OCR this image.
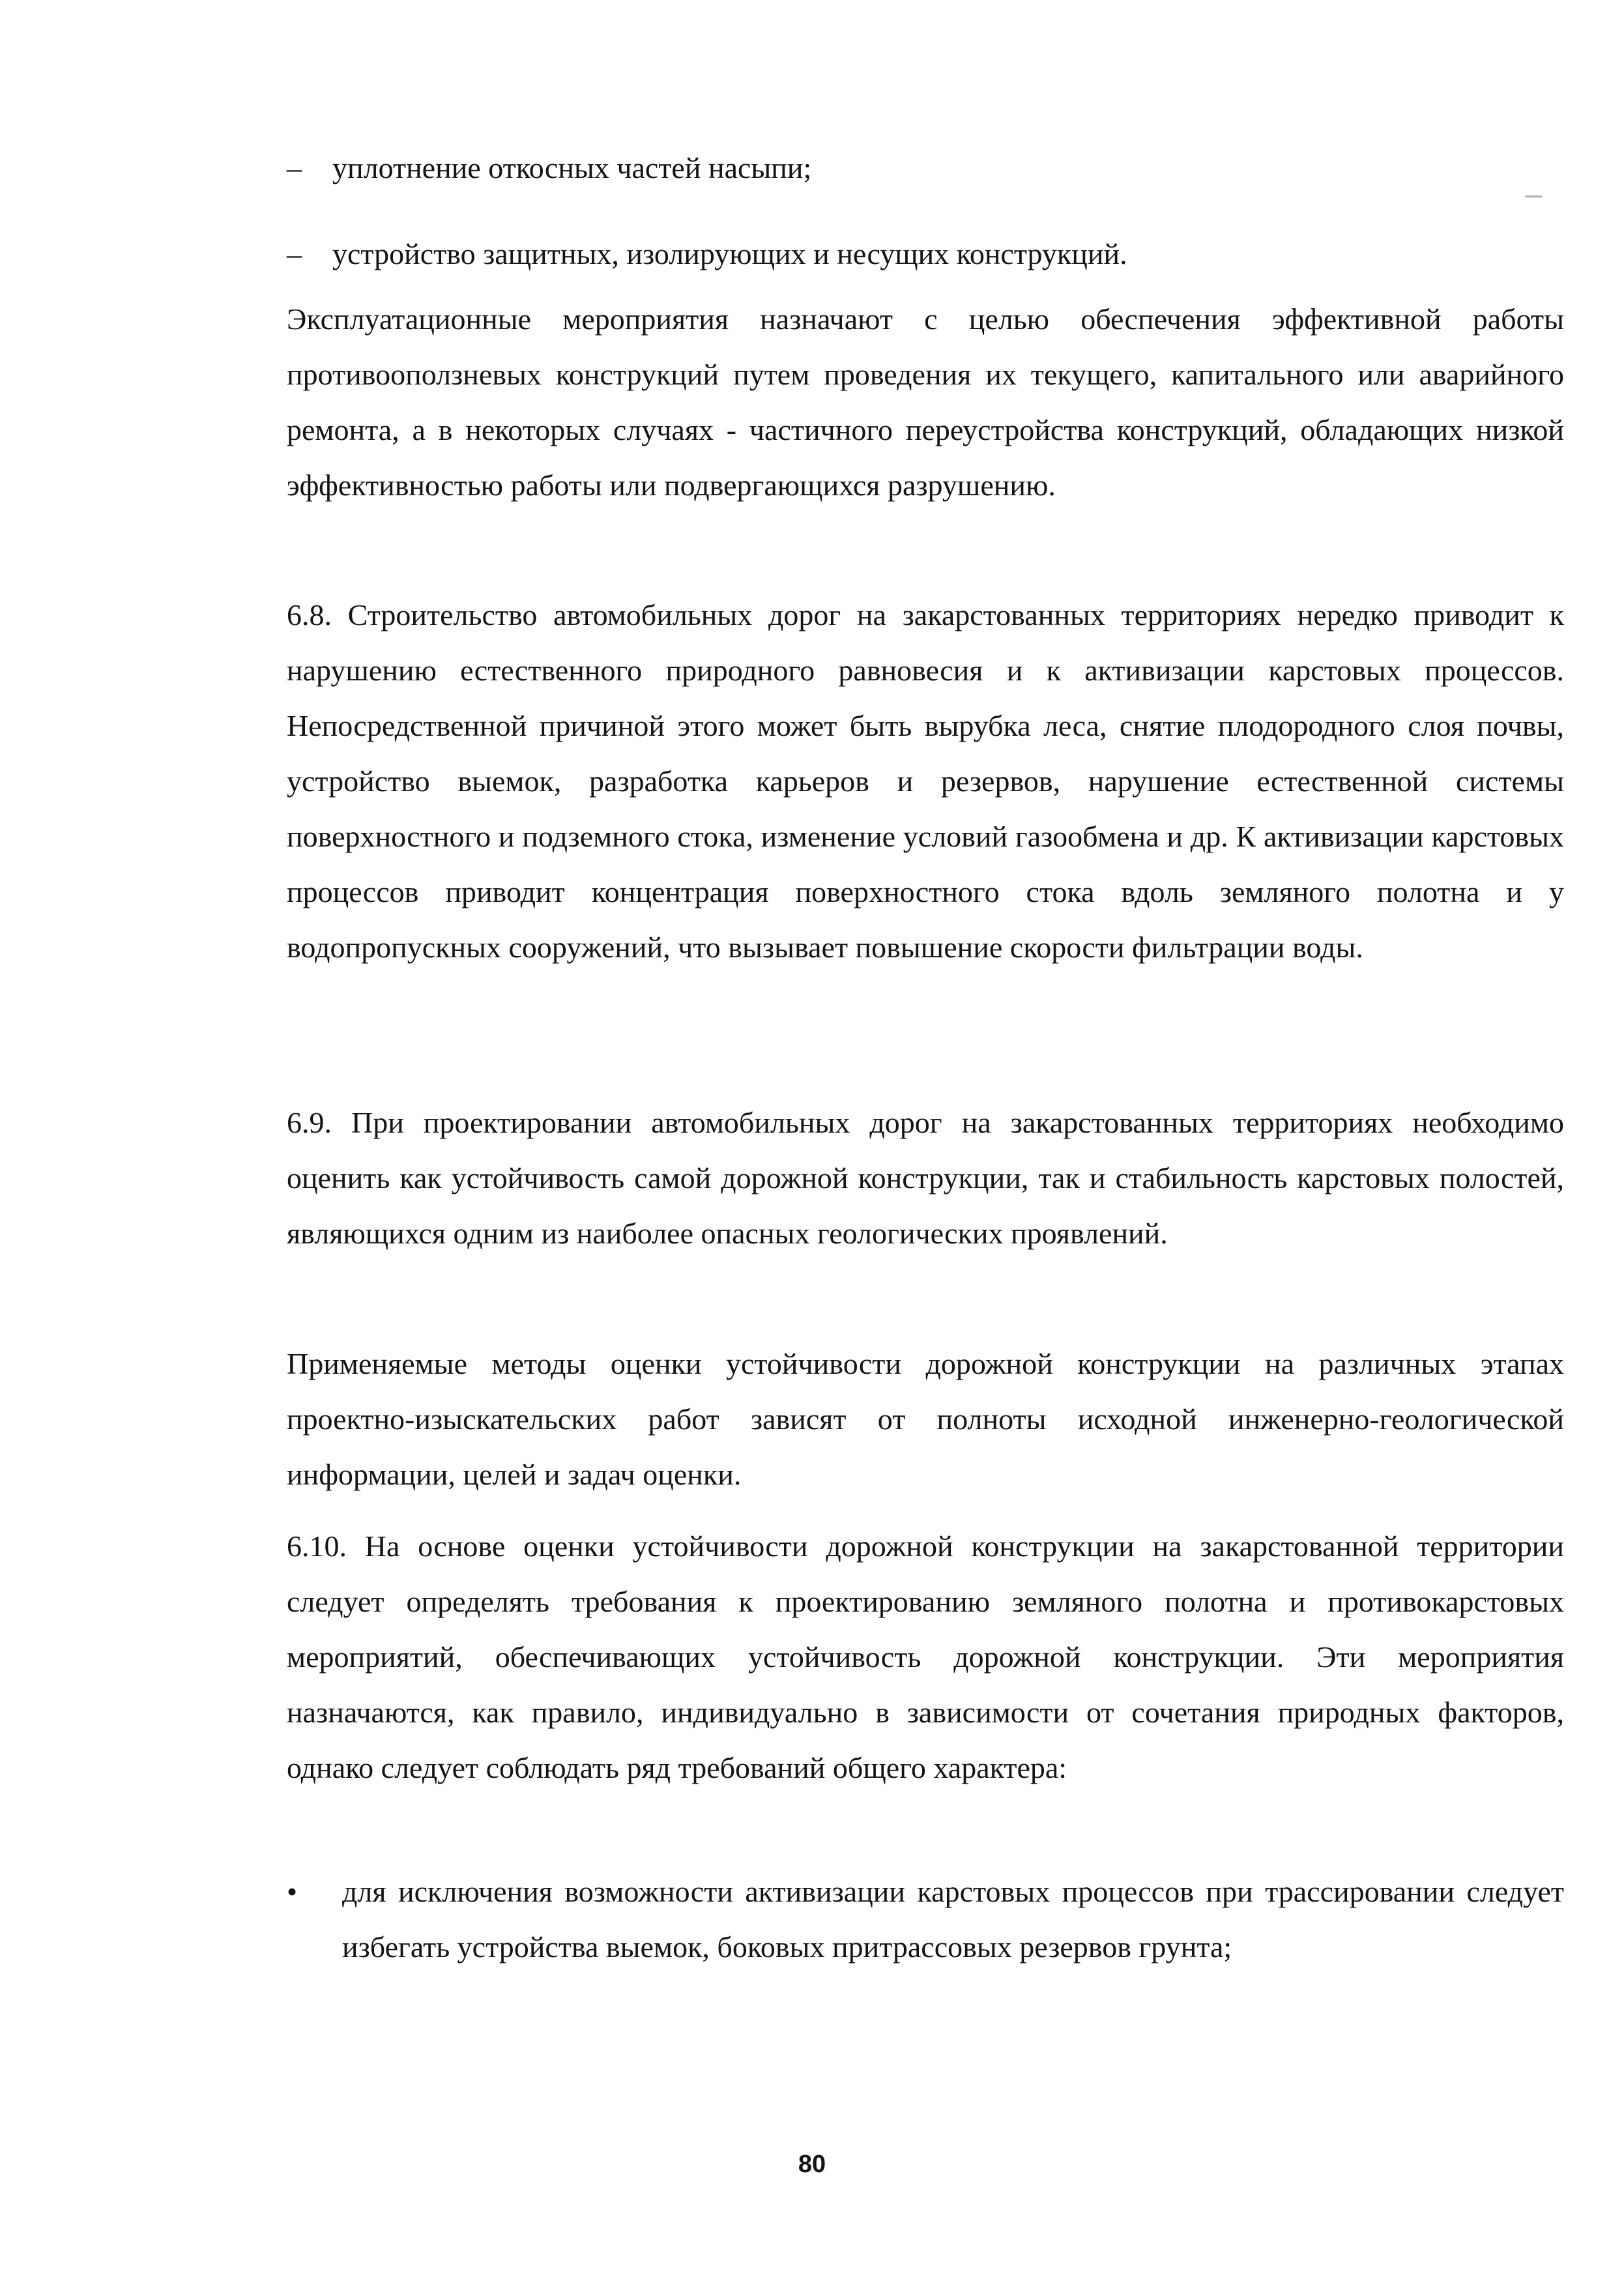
– уплотнение откосных частей насыпи;

– устройство защитных, изолирующих и несущих конструкций.

Эксплуатационные мероприятия назначают с целью обеспечения эффективной работы противооползневых конструкций путем проведения их текущего, капитального или аварийного ремонта, а в некоторых случаях - частичного переустройства конструкций, обладающих низкой эффективностью работы или подвергающихся разрушению.

6.8. Строительство автомобильных дорог на закарстованных территориях нередко приводит к нарушению естественного природного равновесия и к активизации карстовых процессов. Непосредственной причиной этого может быть вырубка леса, снятие плодородного слоя почвы, устройство выемок, разработка карьеров и резервов, нарушение естественной системы поверхностного и подземного стока, изменение условий газообмена и др. К активизации карстовых процессов приводит концентрация поверхностного стока вдоль земляного полотна и у водопропускных сооружений, что вызывает повышение скорости фильтрации воды.

6.9. При проектировании автомобильных дорог на закарстованных территориях необходимо оценить как устойчивость самой дорожной конструкции, так и стабильность карстовых полостей, являющихся одним из наиболее опасных геологических проявлений.

Применяемые методы оценки устойчивости дорожной конструкции на различных этапах проектно-изыскательских работ зависят от полноты исходной инженерно-геологической информации, целей и задач оценки.

6.10. На основе оценки устойчивости дорожной конструкции на закарстованной территории следует определять требования к проектированию земляного полотна и противокарстовых мероприятий, обеспечивающих устойчивость дорожной конструкции. Эти мероприятия назначаются, как правило, индивидуально в зависимости от сочетания природных факторов, однако следует соблюдать ряд требований общего характера:

•	для исключения возможности активизации карстовых процессов при трассировании следует избегать устройства выемок, боковых притрассовых резервов грунта;
80
